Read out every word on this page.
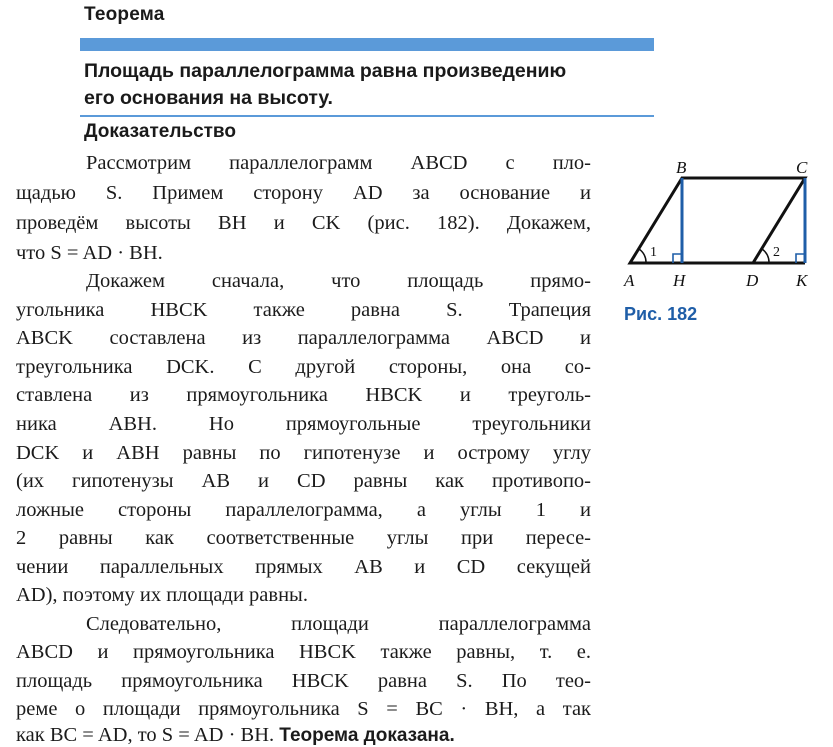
Теорема
Площадь параллелограмма равна произведению
его основания на высоту.
Доказательство
Рассмотрим параллелограмм ABCD с пло-
щадью S. Примем сторону AD за основание и
проведём высоты BH и CK (рис. 182). Докажем,
что S = AD · BH.
Докажем сначала, что площадь прямо-
угольника HBCK также равна S. Трапеция
ABCK составлена из параллелограмма ABCD и
треугольника DCK. C другой стороны, она со-
ставлена из прямоугольника HBCK и треуголь-
ника ABH. Но прямоугольные треугольники
DCK и ABH равны по гипотенузе и острому углу
(их гипотенузы AB и CD равны как противопо-
ложные стороны параллелограмма, а углы 1 и
2 равны как соответственные углы при пересе-
чении параллельных прямых AB и CD секущей
AD), поэтому их площади равны.
Следовательно, площади параллелограмма
ABCD и прямоугольника HBCK также равны, т. е.
площадь прямоугольника HBCK равна S. По тео-
реме о площади прямоугольника S = BC · BH, а так
как BC = AD, то S = AD · BH. Теорема доказана.
B	C
A H	D K
1	2
Рис. 182
